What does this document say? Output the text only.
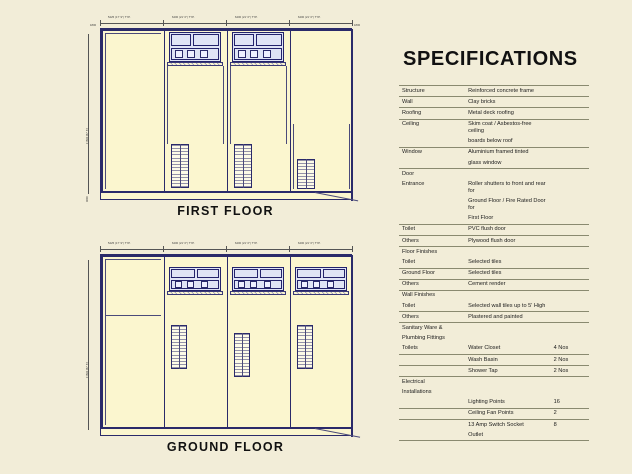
5425 (17' 9") TYP.	6400 (21' 0") TYP.	6400 (21' 0") TYP.	6400 (21' 0") TYP.
1800	1800
17500 (57' 5")
4600
FIRST FLOOR
5425 (17' 9") TYP.	6400 (21' 0") TYP.	6400 (21' 0") TYP.	6400 (21' 0") TYP.
17500 (57' 5")
GROUND FLOOR
SPECIFICATIONS
Structure	Reinforced concrete frame	
Wall	Clay bricks	
Roofing	Metal deck roofing	
Ceiling	Skim coat / Asbestos-free ceiling	
	boards below roof	
Window	Aluminium framed tinted	
	glass window	
Door		
Entrance	Roller shutters to front and rear for	
	Ground Floor / Fire Rated Door for	
	First Floor	
Toilet	PVC flush door	
Others	Plywood flush door	
Floor Finishes		
Toilet	Selected tiles	
Ground Floor	Selected tiles	
Others	Cement render	
Wall Finishes		
Toilet	Selected wall tiles up to 5' High	
Others	Plastered and painted	
Sanitary Ware &		
Plumbing Fittings		
Toilets	Water Closet	4 Nos
	Wash Basin	2 Nos
	Shower Tap	2 Nos
Electrical		
Installations		
	Lighting Points	16
	Ceiling Fan Points	2
	13 Amp Switch Socket	8
	Outlet	
